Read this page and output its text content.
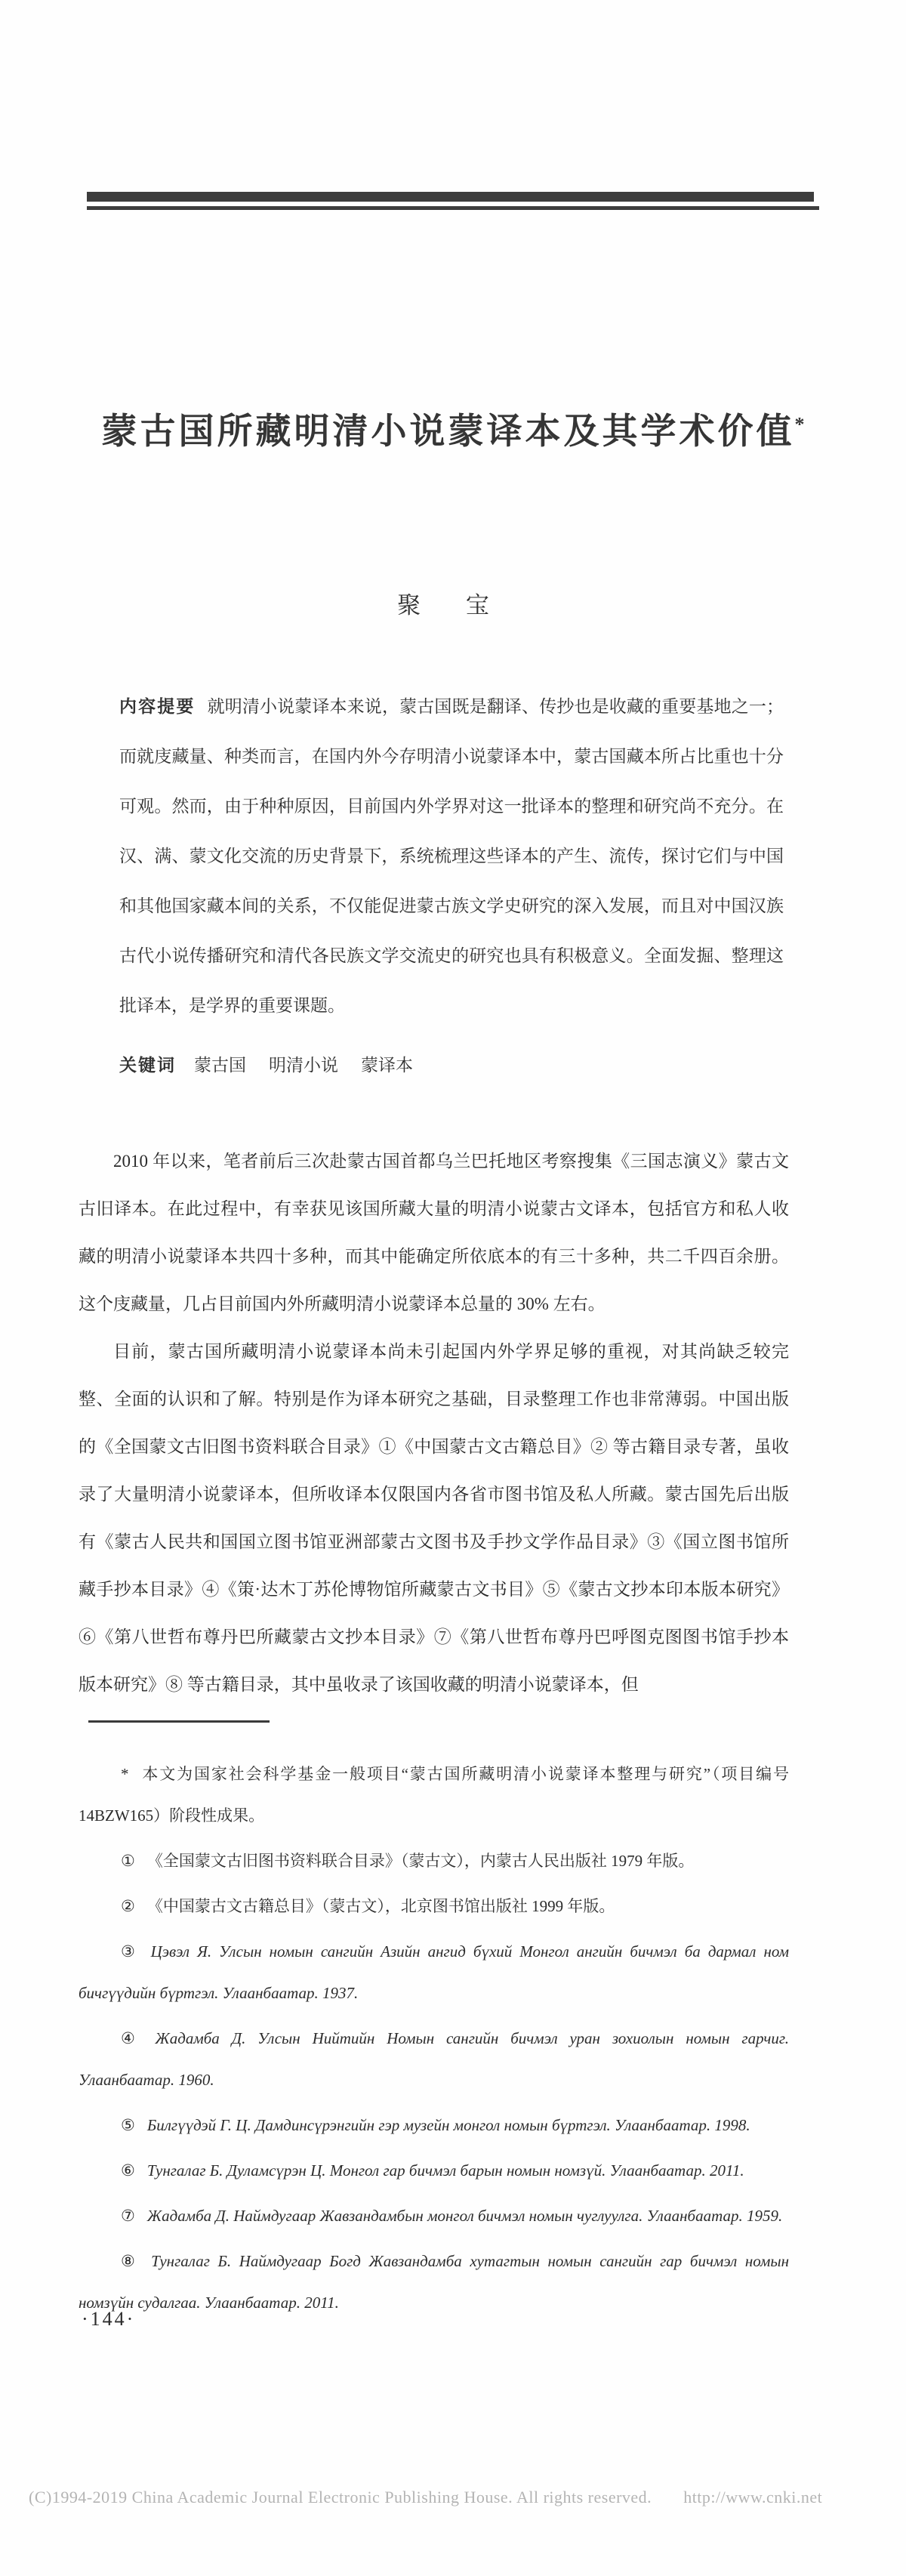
蒙古国所藏明清小说蒙译本及其学术价值*
聚 宝
内容提要 就明清小说蒙译本来说，蒙古国既是翻译、传抄也是收藏的重要基地之一；而就庋藏量、种类而言，在国内外今存明清小说蒙译本中，蒙古国藏本所占比重也十分可观。然而，由于种种原因，目前国内外学界对这一批译本的整理和研究尚不充分。在汉、满、蒙文化交流的历史背景下，系统梳理这些译本的产生、流传，探讨它们与中国和其他国家藏本间的关系，不仅能促进蒙古族文学史研究的深入发展，而且对中国汉族古代小说传播研究和清代各民族文学交流史的研究也具有积极意义。全面发掘、整理这批译本，是学界的重要课题。
关键词 蒙古国 明清小说 蒙译本

2010 年以来，笔者前后三次赴蒙古国首都乌兰巴托地区考察搜集《三国志演义》蒙古文古旧译本。在此过程中，有幸获见该国所藏大量的明清小说蒙古文译本，包括官方和私人收藏的明清小说蒙译本共四十多种，而其中能确定所依底本的有三十多种，共二千四百余册。这个庋藏量，几占目前国内外所藏明清小说蒙译本总量的 30% 左右。

目前，蒙古国所藏明清小说蒙译本尚未引起国内外学界足够的重视，对其尚缺乏较完整、全面的认识和了解。特别是作为译本研究之基础，目录整理工作也非常薄弱。中国出版的《全国蒙文古旧图书资料联合目录》①《中国蒙古文古籍总目》② 等古籍目录专著，虽收录了大量明清小说蒙译本，但所收译本仅限国内各省市图书馆及私人所藏。蒙古国先后出版有《蒙古人民共和国国立图书馆亚洲部蒙古文图书及手抄文学作品目录》③《国立图书馆所藏手抄本目录》④《策·达木丁苏伦博物馆所藏蒙古文书目》⑤《蒙古文抄本印本版本研究》⑥《第八世哲布尊丹巴所藏蒙古文抄本目录》⑦《第八世哲布尊丹巴呼图克图图书馆手抄本版本研究》⑧ 等古籍目录，其中虽收录了该国收藏的明清小说蒙译本，但

* 本文为国家社会科学基金一般项目“蒙古国所藏明清小说蒙译本整理与研究”（项目编号 14BZW165）阶段性成果。

① 《全国蒙文古旧图书资料联合目录》（蒙古文），内蒙古人民出版社 1979 年版。

② 《中国蒙古文古籍总目》（蒙古文），北京图书馆出版社 1999 年版。

③ Цэвэл Я. Улсын номын сангийн Азийн ангид бүхий Монгол ангийн бичмэл ба дармал ном бичгүүдийн бүртгэл. Улаанбаатар. 1937.

④ Жадамба Д. Улсын Нийтийн Номын сангийн бичмэл уран зохиолын номын гарчиг. Улаанбаатар. 1960.

⑤ Билгүүдэй Г. Ц. Дамдинсүрэнгийн гэр музейн монгол номын бүртгэл. Улаанбаатар. 1998.

⑥ Тунгалаг Б. Дуламсүрэн Ц. Монгол гар бичмэл барын номын номзүй. Улаанбаатар. 2011.

⑦ Жадамба Д. Наймдугаар Жавзандамбын монгол бичмэл номын чуглуулга. Улаанбаатар. 1959.

⑧ Тунгалаг Б. Наймдугаар Богд Жавзандамба хутагтын номын сангийн гар бичмэл номын номзүйн судалгаа. Улаанбаатар. 2011.

·144·
(C)1994-2019 China Academic Journal Electronic Publishing House. All rights reserved. http://www.cnki.net
